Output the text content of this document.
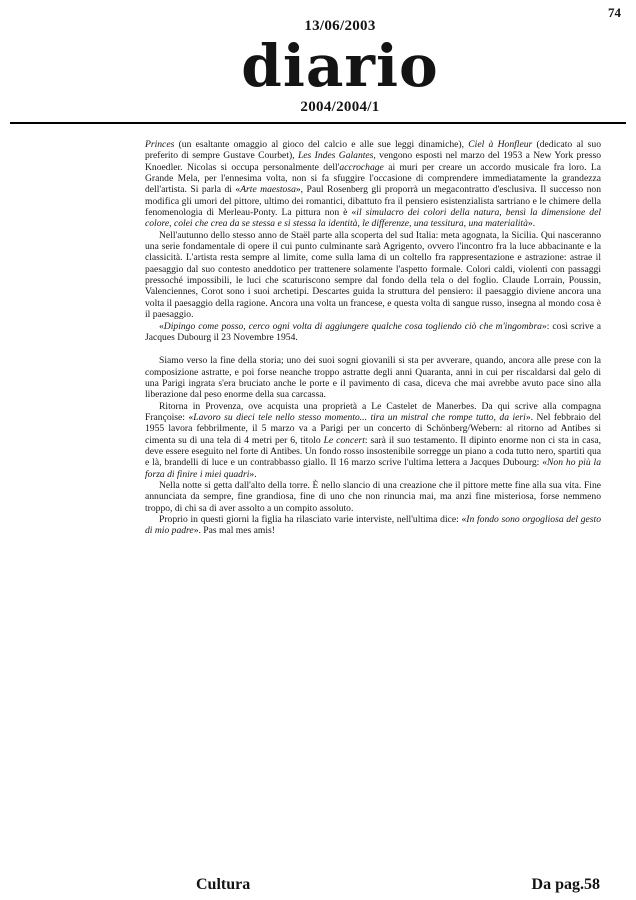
74
13/06/2003
diario
2004/2004/1

Princes (un esaltante omaggio al gioco del calcio e alle sue leggi dinamiche), Ciel à Honfleur (dedicato al suo preferito di sempre Gustave Courbet), Les Indes Galantes, vengono esposti nel marzo del 1953 a New York presso Knoedler. Nicolas si occupa personalmente dell'accrochage ai muri per creare un accordo musicale fra loro. La Grande Mela, per l'ennesima volta, non si fa sfuggire l'occasione di comprendere immediatamente la grandezza dell'artista. Si parla di «Arte maestosa», Paul Rosenberg gli proporrà un megacontratto d'esclusiva. Il successo non modifica gli umori del pittore, ultimo dei romantici, dibattuto fra il pensiero esistenzialista sartriano e le chimere della fenomenologia di Merleau-Ponty. La pittura non è «il simulacro dei colori della natura, bensì la dimensione del colore, colei che crea da se stessa e si stessa la identità, le differenze, una tessitura, una materialità».

Nell'autunno dello stesso anno de Staël parte alla scoperta del sud Italia: meta agognata, la Sicilia. Qui nasceranno una serie fondamentale di opere il cui punto culminante sarà Agrigento, ovvero l'incontro fra la luce abbacinante e la classicità. L'artista resta sempre al limite, come sulla lama di un coltello fra rappresentazione e astrazione: astrae il paesaggio dal suo contesto aneddotico per trattenere solamente l'aspetto formale. Colori caldi, violenti con passaggi pressoché impossibili, le luci che scaturiscono sempre dal fondo della tela o del foglio. Claude Lorrain, Poussin, Valenciennes, Corot sono i suoi archetipi. Descartes guida la struttura del pensiero: il paesaggio diviene ancora una volta il paesaggio della ragione. Ancora una volta un francese, e questa volta di sangue russo, insegna al mondo cosa è il paesaggio.

«Dipingo come posso, cerco ogni volta di aggiungere qualche cosa togliendo ciò che m'ingombra»: così scrive a Jacques Dubourg il 23 Novembre 1954.

Siamo verso la fine della storia; uno dei suoi sogni giovanili si sta per avverare, quando, ancora alle prese con la composizione astratte, e poi forse neanche troppo astratte degli anni Quaranta, anni in cui per riscaldarsi dal gelo di una Parigi ingrata s'era bruciato anche le porte e il pavimento di casa, diceva che mai avrebbe avuto pace sino alla liberazione dal peso enorme della sua carcassa.

Ritorna in Provenza, ove acquista una proprietà a Le Castelet de Manerbes. Da qui scrive alla compagna Françoise: «Lavoro su dieci tele nello stesso momento... tira un mistral che rompe tutto, da ieri». Nel febbraio del 1955 lavora febbrilmente, il 5 marzo va a Parigi per un concerto di Schönberg/Webern: al ritorno ad Antibes si cimenta su di una tela di 4 metri per 6, titolo Le concert: sarà il suo testamento. Il dipinto enorme non ci sta in casa, deve essere eseguito nel forte di Antibes. Un fondo rosso insostenibile sorregge un piano a coda tutto nero, spartiti qua e là, brandelli di luce e un contrabbasso giallo. Il 16 marzo scrive l'ultima lettera a Jacques Dubourg: «Non ho più la forza di finire i miei quadri».

Nella notte si getta dall'alto della torre. È nello slancio di una creazione che il pittore mette fine alla sua vita. Fine annunciata da sempre, fine grandiosa, fine di uno che non rinuncia mai, ma anzi fine misteriosa, forse nemmeno troppo, di chi sa di aver assolto a un compito assoluto.

Proprio in questi giorni la figlia ha rilasciato varie interviste, nell'ultima dice: «In fondo sono orgogliosa del gesto di mio padre». Pas mal mes amis!

Cultura	Da pag.58
